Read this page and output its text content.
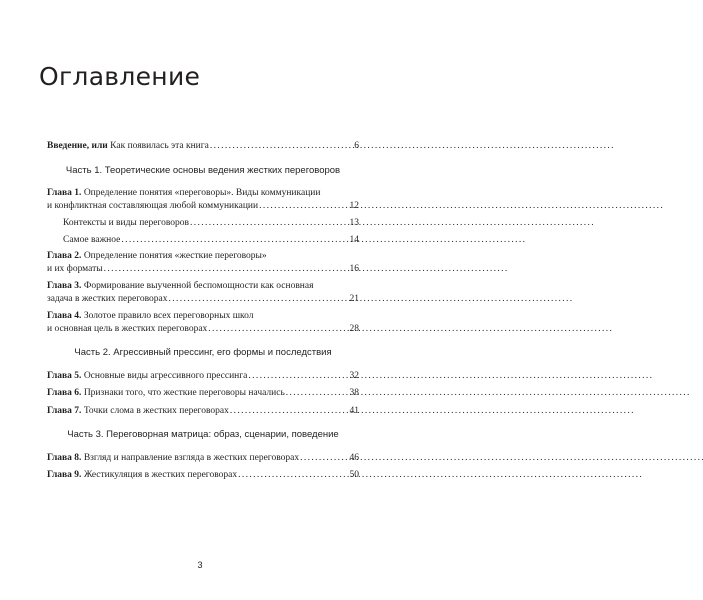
Оглавление
Введение, или Как появилась эта книга . . .	6
Часть 1. Теоретические основы ведения жестких переговоров
Глава 1. Определение понятия «переговоры». Виды коммуникации
и конфликтная составляющая любой коммуникации . . .	12
Контексты и виды переговоров . . .	13
Самое важное . . .	14
Глава 2. Определение понятия «жесткие переговоры»
и их форматы . . .	16
Глава 3. Формирование выученной беспомощности как основная
задача в жестких переговорах . . .	21
Глава 4. Золотое правило всех переговорных школ
и основная цель в жестких переговорах . . .	28
Часть 2. Агрессивный прессинг, его формы и последствия
Глава 5. Основные виды агрессивного прессинга . . .	32
Глава 6. Признаки того, что жесткие переговоры начались . . .	38
Глава 7. Точки слома в жестких переговорах . . .	41
Часть 3. Переговорная матрица: образ, сценарии, поведение
Глава 8. Взгляд и направление взгляда в жестких переговорах . . .	46
Глава 9. Жестикуляция в жестких переговорах . . .	50
3
